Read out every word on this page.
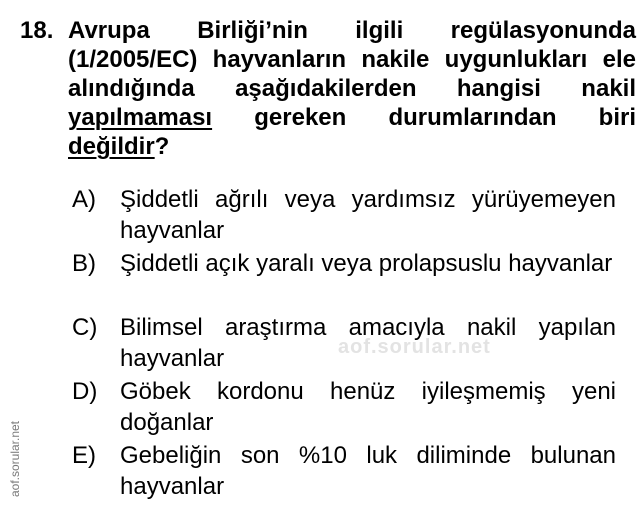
18. Avrupa Birliği’nin ilgili regülasyonunda (1/2005/EC) hayvanların nakile uygunlukları ele alındığında aşağıdakilerden hangisi nakil yapılmaması gereken durumlarından biri değildir?
A) Şiddetli ağrılı veya yardımsız yürüyemeyen hayvanlar
B) Şiddetli açık yaralı veya prolapsuslu hayvanlar
C) Bilimsel araştırma amacıyla nakil yapılan hayvanlar
D) Göbek kordonu henüz iyileşmemiş yeni doğanlar
E) Gebeliğin son %10 luk diliminde bulunan hayvanlar
aof.sorular.net
aof.sorular.net
